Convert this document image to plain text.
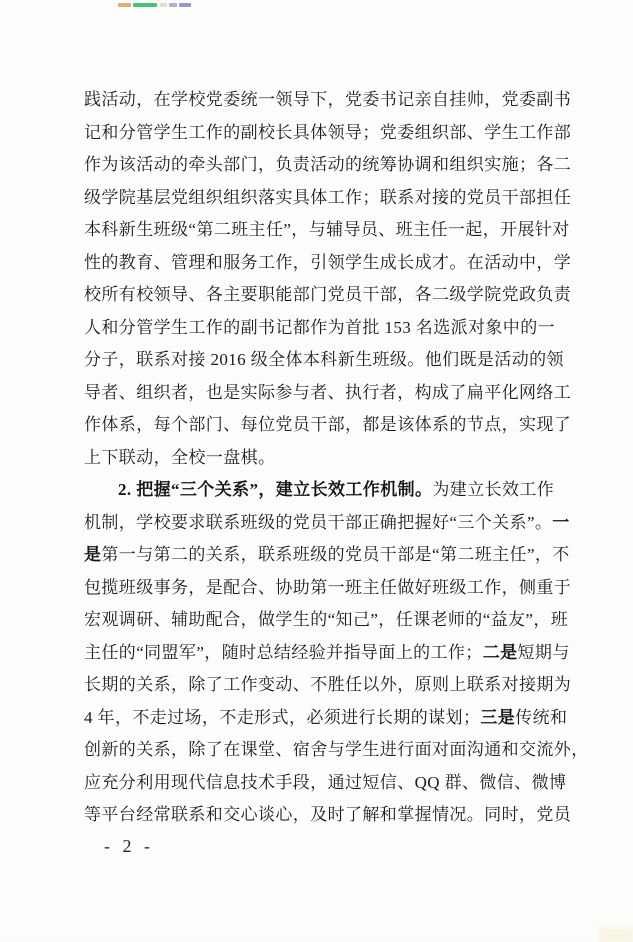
践活动，在学校党委统一领导下，党委书记亲自挂帅，党委副书
记和分管学生工作的副校长具体领导；党委组织部、学生工作部
作为该活动的牵头部门，负责活动的统筹协调和组织实施；各二
级学院基层党组织组织落实具体工作；联系对接的党员干部担任
本科新生班级“第二班主任”，与辅导员、班主任一起，开展针对
性的教育、管理和服务工作，引领学生成长成才。在活动中，学
校所有校领导、各主要职能部门党员干部，各二级学院党政负责
人和分管学生工作的副书记都作为首批 153 名选派对象中的一
分子，联系对接 2016 级全体本科新生班级。他们既是活动的领
导者、组织者，也是实际参与者、执行者，构成了扁平化网络工
作体系，每个部门、每位党员干部，都是该体系的节点，实现了
上下联动，全校一盘棋。
2. 把握“三个关系”，建立长效工作机制。为建立长效工作
机制，学校要求联系班级的党员干部正确把握好“三个关系”。一
是第一与第二的关系，联系班级的党员干部是“第二班主任”，不
包揽班级事务，是配合、协助第一班主任做好班级工作，侧重于
宏观调研、辅助配合，做学生的“知己”，任课老师的“益友”，班
主任的“同盟军”，随时总结经验并指导面上的工作；二是短期与
长期的关系，除了工作变动、不胜任以外，原则上联系对接期为
4 年，不走过场，不走形式，必须进行长期的谋划；三是传统和
创新的关系，除了在课堂、宿舍与学生进行面对面沟通和交流外，
应充分利用现代信息技术手段，通过短信、QQ 群、微信、微博
等平台经常联系和交心谈心，及时了解和掌握情况。同时，党员
- 2 -
